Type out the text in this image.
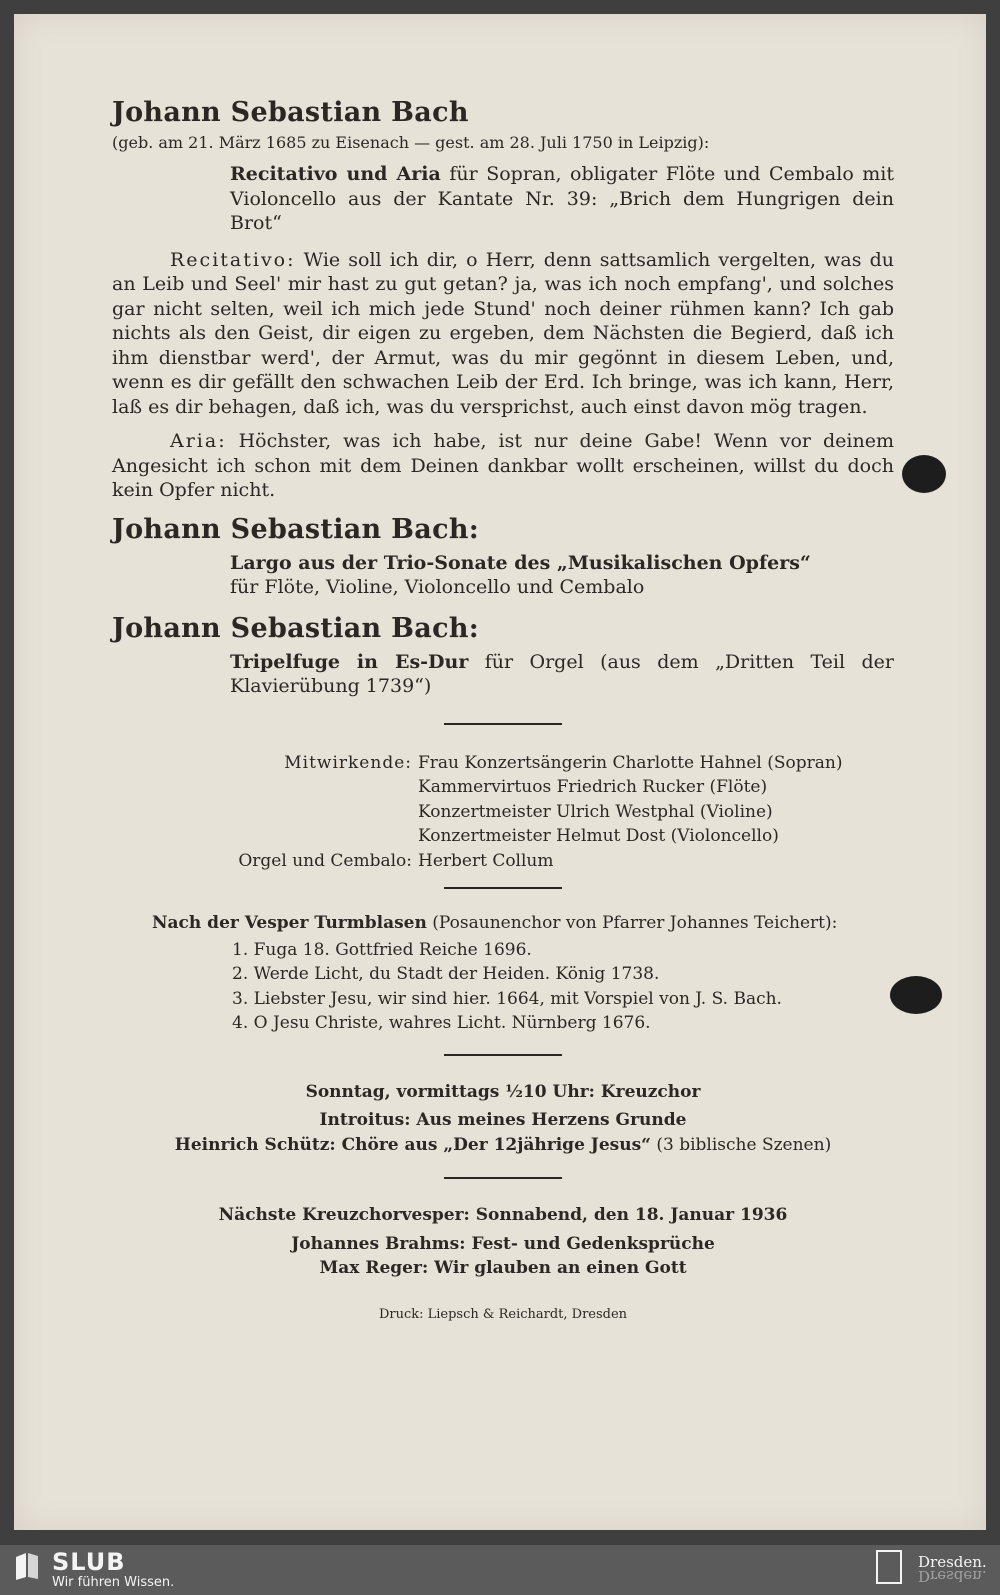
Johann Sebastian Bach

(geb. am 21. März 1685 zu Eisenach — gest. am 28. Juli 1750 in Leipzig):

Recitativo und Aria für Sopran, obligater Flöte und Cembalo mit Violoncello aus der Kantate Nr. 39: „Brich dem Hungrigen dein Brot“

Recitativo: Wie soll ich dir, o Herr, denn sattsamlich vergelten, was du an Leib und Seel' mir hast zu gut getan? ja, was ich noch empfang', und solches gar nicht selten, weil ich mich jede Stund' noch deiner rühmen kann? Ich gab nichts als den Geist, dir eigen zu ergeben, dem Nächsten die Begierd, daß ich ihm dienstbar werd', der Armut, was du mir gegönnt in diesem Leben, und, wenn es dir gefällt den schwachen Leib der Erd. Ich bringe, was ich kann, Herr, laß es dir behagen, daß ich, was du versprichst, auch einst davon mög tragen.

Aria: Höchster, was ich habe, ist nur deine Gabe! Wenn vor deinem Angesicht ich schon mit dem Deinen dankbar wollt erscheinen, willst du doch kein Opfer nicht.

Johann Sebastian Bach:

Largo aus der Trio-Sonate des „Musikalischen Opfers“
für Flöte, Violine, Violoncello und Cembalo

Johann Sebastian Bach:

Tripelfuge in Es-Dur für Orgel (aus dem „Dritten Teil der Klavierübung 1739“)

Mitwirkende: Frau Konzertsängerin Charlotte Hahnel (Sopran)
Kammervirtuos Friedrich Rucker (Flöte)
Konzertmeister Ulrich Westphal (Violine)
Konzertmeister Helmut Dost (Violoncello)
Orgel und Cembalo: Herbert Collum
Nach der Vesper Turmblasen (Posaunenchor von Pfarrer Johannes Teichert):
1. Fuga 18. Gottfried Reiche 1696.
2. Werde Licht, du Stadt der Heiden. König 1738.
3. Liebster Jesu, wir sind hier. 1664, mit Vorspiel von J. S. Bach.
4. O Jesu Christe, wahres Licht. Nürnberg 1676.
Sonntag, vormittags ½10 Uhr: Kreuzchor
Introitus: Aus meines Herzens Grunde
Heinrich Schütz: Chöre aus „Der 12jährige Jesus“ (3 biblische Szenen)
Nächste Kreuzchorvesper: Sonnabend, den 18. Januar 1936
Johannes Brahms: Fest- und Gedenksprüche
Max Reger: Wir glauben an einen Gott

Druck: Liepsch & Reichardt, Dresden

SLUB
Wir führen Wissen.
Dresden.
Dresden.
